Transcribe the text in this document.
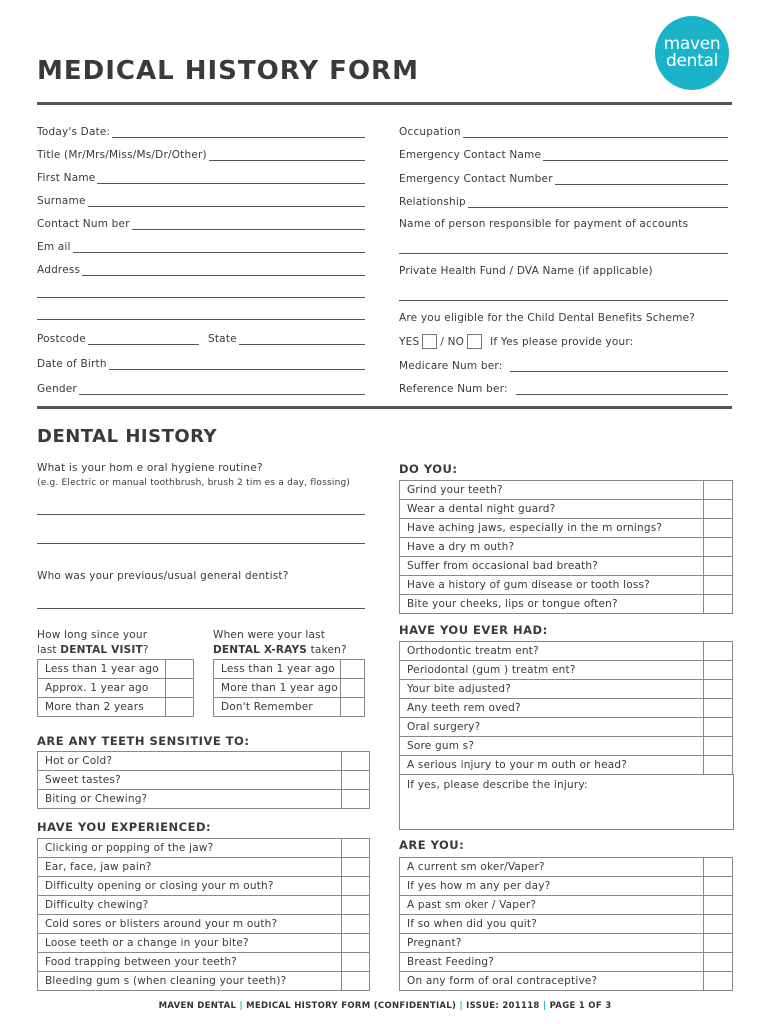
maven
dental
MEDICAL HISTORY FORM
Today's Date:
Title (Mr/Mrs/Miss/Ms/Dr/Other)
First Name
Surname
Contact Num ber
Em ail
Address
Postcode	State
Date of Birth
Gender
Occupation
Emergency Contact Name
Emergency Contact Number
Relationship
Name of person responsible for payment of accounts
Private Health Fund / DVA Name (if applicable)
Are you eligible for the Child Dental Benefits Scheme?
YES / NO If Yes please provide your:
Medicare Num ber:
Reference Num ber:
DENTAL HISTORY
What is your hom e oral hygiene routine?
(e.g. Electric or manual toothbrush, brush 2 tim es a day, flossing)
Who was your previous/usual general dentist?
How long since your
last DENTAL VISIT?
When were your last
DENTAL X-RAYS taken?
Less than 1 year ago	
Approx. 1 year ago	
More than 2 years	
Less than 1 year ago	
More than 1 year ago	
Don't Remember	
ARE ANY TEETH SENSITIVE TO:
Hot or Cold?	
Sweet tastes?	
Biting or Chewing?	
HAVE YOU EXPERIENCED:
Clicking or popping of the jaw?	
Ear, face, jaw pain?	
Difficulty opening or closing your m outh?	
Difficulty chewing?	
Cold sores or blisters around your m outh?	
Loose teeth or a change in your bite?	
Food trapping between your teeth?	
Bleeding gum s (when cleaning your teeth)?	
DO YOU:
Grind your teeth?	
Wear a dental night guard?	
Have aching jaws, especially in the m ornings?	
Have a dry m outh?	
Suffer from occasional bad breath?	
Have a history of gum disease or tooth loss?	
Bite your cheeks, lips or tongue often?	
HAVE YOU EVER HAD:
Orthodontic treatm ent?	
Periodontal (gum ) treatm ent?	
Your bite adjusted?	
Any teeth rem oved?	
Oral surgery?	
Sore gum s?	
A serious injury to your m outh or head?	
If yes, please describe the injury:
ARE YOU:
A current sm oker/Vaper?	
If yes how m any per day?	
A past sm oker / Vaper?	
If so when did you quit?	
Pregnant?	
Breast Feeding?	
On any form of oral contraceptive?	
MAVEN DENTAL | MEDICAL HISTORY FORM (CONFIDENTIAL) | ISSUE: 201118 | PAGE 1 OF 3
